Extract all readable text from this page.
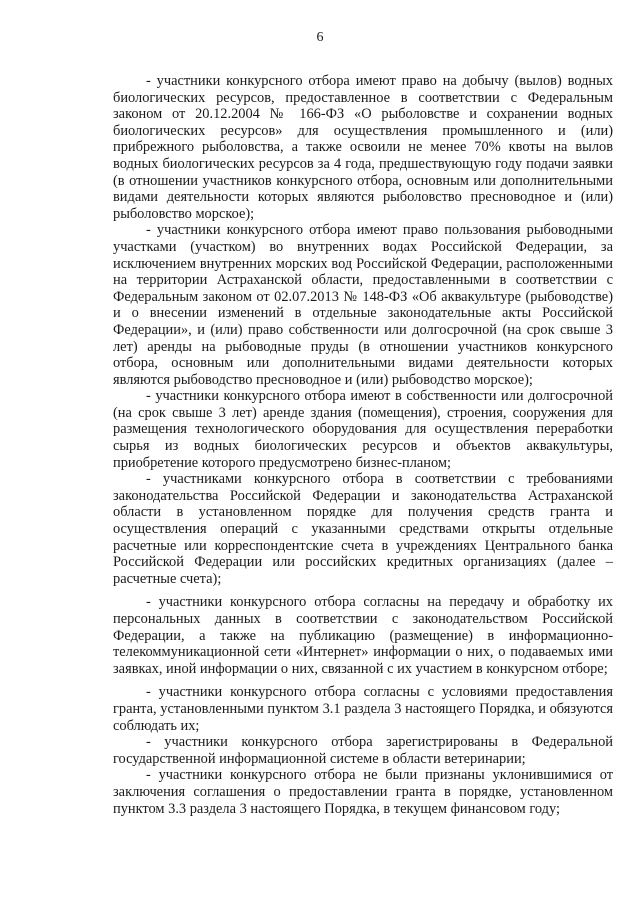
6

- участники конкурсного отбора имеют право на добычу (вылов) водных биологических ресурсов, предоставленное в соответствии с Федеральным законом от 20.12.2004 № 166-ФЗ «О рыболовстве и сохранении водных биологических ресурсов» для осуществления промышленного и (или) прибрежного рыболовства, а также освоили не менее 70% квоты на вылов водных биологических ресурсов за 4 года, предшествующую году подачи заявки (в отношении участников конкурсного отбора, основным или дополнительными видами деятельности которых являются рыболовство пресноводное и (или) рыболовство морское);

- участники конкурсного отбора имеют право пользования рыбоводными участками (участком) во внутренних водах Российской Федерации, за исключением внутренних морских вод Российской Федерации, расположенными на территории Астраханской области, предоставленными в соответствии с Федеральным законом от 02.07.2013 № 148-ФЗ «Об аквакультуре (рыбоводстве) и о внесении изменений в отдельные законодательные акты Российской Федерации», и (или) право собственности или долгосрочной (на срок свыше 3 лет) аренды на рыбоводные пруды (в отношении участников конкурсного отбора, основным или дополнительными видами деятельности которых являются рыбоводство пресноводное и (или) рыбоводство морское);

- участники конкурсного отбора имеют в собственности или долгосрочной (на срок свыше 3 лет) аренде здания (помещения), строения, сооружения для размещения технологического оборудования для осуществления переработки сырья из водных биологических ресурсов и объектов аквакультуры, приобретение которого предусмотрено бизнес-планом;

- участниками конкурсного отбора в соответствии с требованиями законодательства Российской Федерации и законодательства Астраханской области в установленном порядке для получения средств гранта и осуществления операций с указанными средствами открыты отдельные расчетные или корреспондентские счета в учреждениях Центрального банка Российской Федерации или российских кредитных организациях (далее – расчетные счета);

- участники конкурсного отбора согласны на передачу и обработку их персональных данных в соответствии с законодательством Российской Федерации, а также на публикацию (размещение) в информационно-телекоммуникационной сети «Интернет» информации о них, о подаваемых ими заявках, иной информации о них, связанной с их участием в конкурсном отборе;

- участники конкурсного отбора согласны с условиями предоставления гранта, установленными пунктом 3.1 раздела 3 настоящего Порядка, и обязуются соблюдать их;

- участники конкурсного отбора зарегистрированы в Федеральной государственной информационной системе в области ветеринарии;

- участники конкурсного отбора не были признаны уклонившимися от заключения соглашения о предоставлении гранта в порядке, установленном пунктом 3.3 раздела 3 настоящего Порядка, в текущем финансовом году;
